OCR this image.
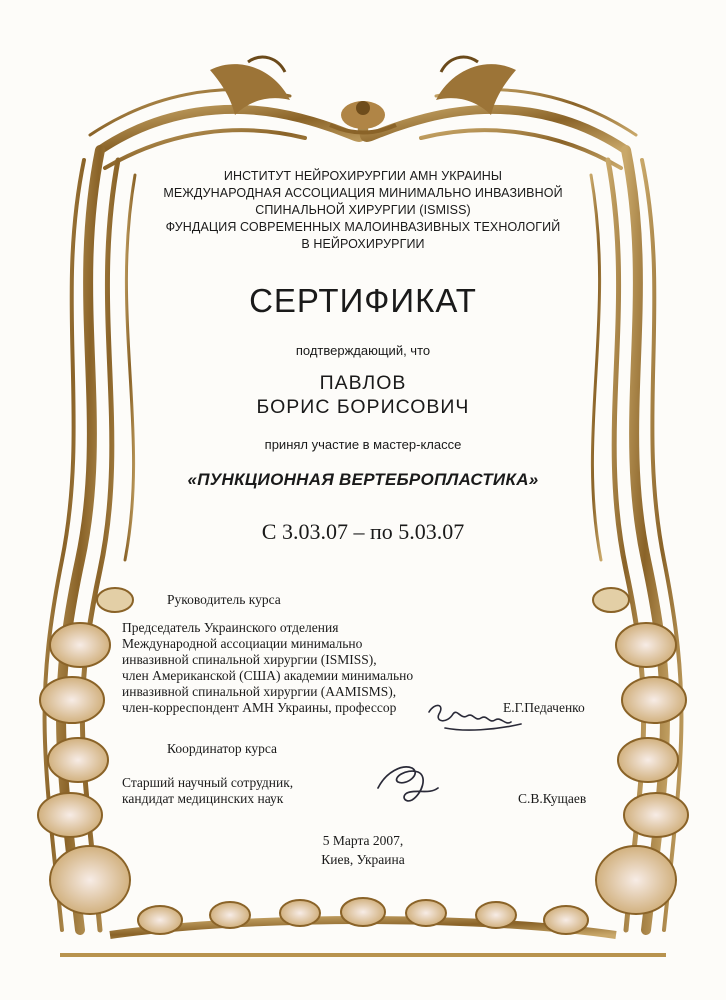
ИНСТИТУТ НЕЙРОХИРУРГИИ АМН УКРАИНЫ
МЕЖДУНАРОДНАЯ АССОЦИАЦИЯ МИНИМАЛЬНО ИНВАЗИВНОЙ
СПИНАЛЬНОЙ ХИРУРГИИ (ISMISS)
ФУНДАЦИЯ СОВРЕМЕННЫХ МАЛОИНВАЗИВНЫХ ТЕХНОЛОГИЙ
В НЕЙРОХИРУРГИИ
СЕРТИФИКАТ
подтверждающий, что
ПАВЛОВ
БОРИС БОРИСОВИЧ
принял участие в мастер-классе
«ПУНКЦИОННАЯ ВЕРТЕБРОПЛАСТИКА»
С 3.03.07 – по 5.03.07
Руководитель курса
Председатель Украинского отделения
Международной ассоциации минимально
инвазивной спинальной хирургии (ISMISS),
член Американской (США) академии минимально
инвазивной спинальной хирургии (AAMISMS),
член-корреспондент АМН Украины, профессор	Е.Г.Педаченко
Координатор курса
Старший научный сотрудник,
кандидат медицинских наук	С.В.Кущаев
5 Марта 2007,
Киев, Украина
